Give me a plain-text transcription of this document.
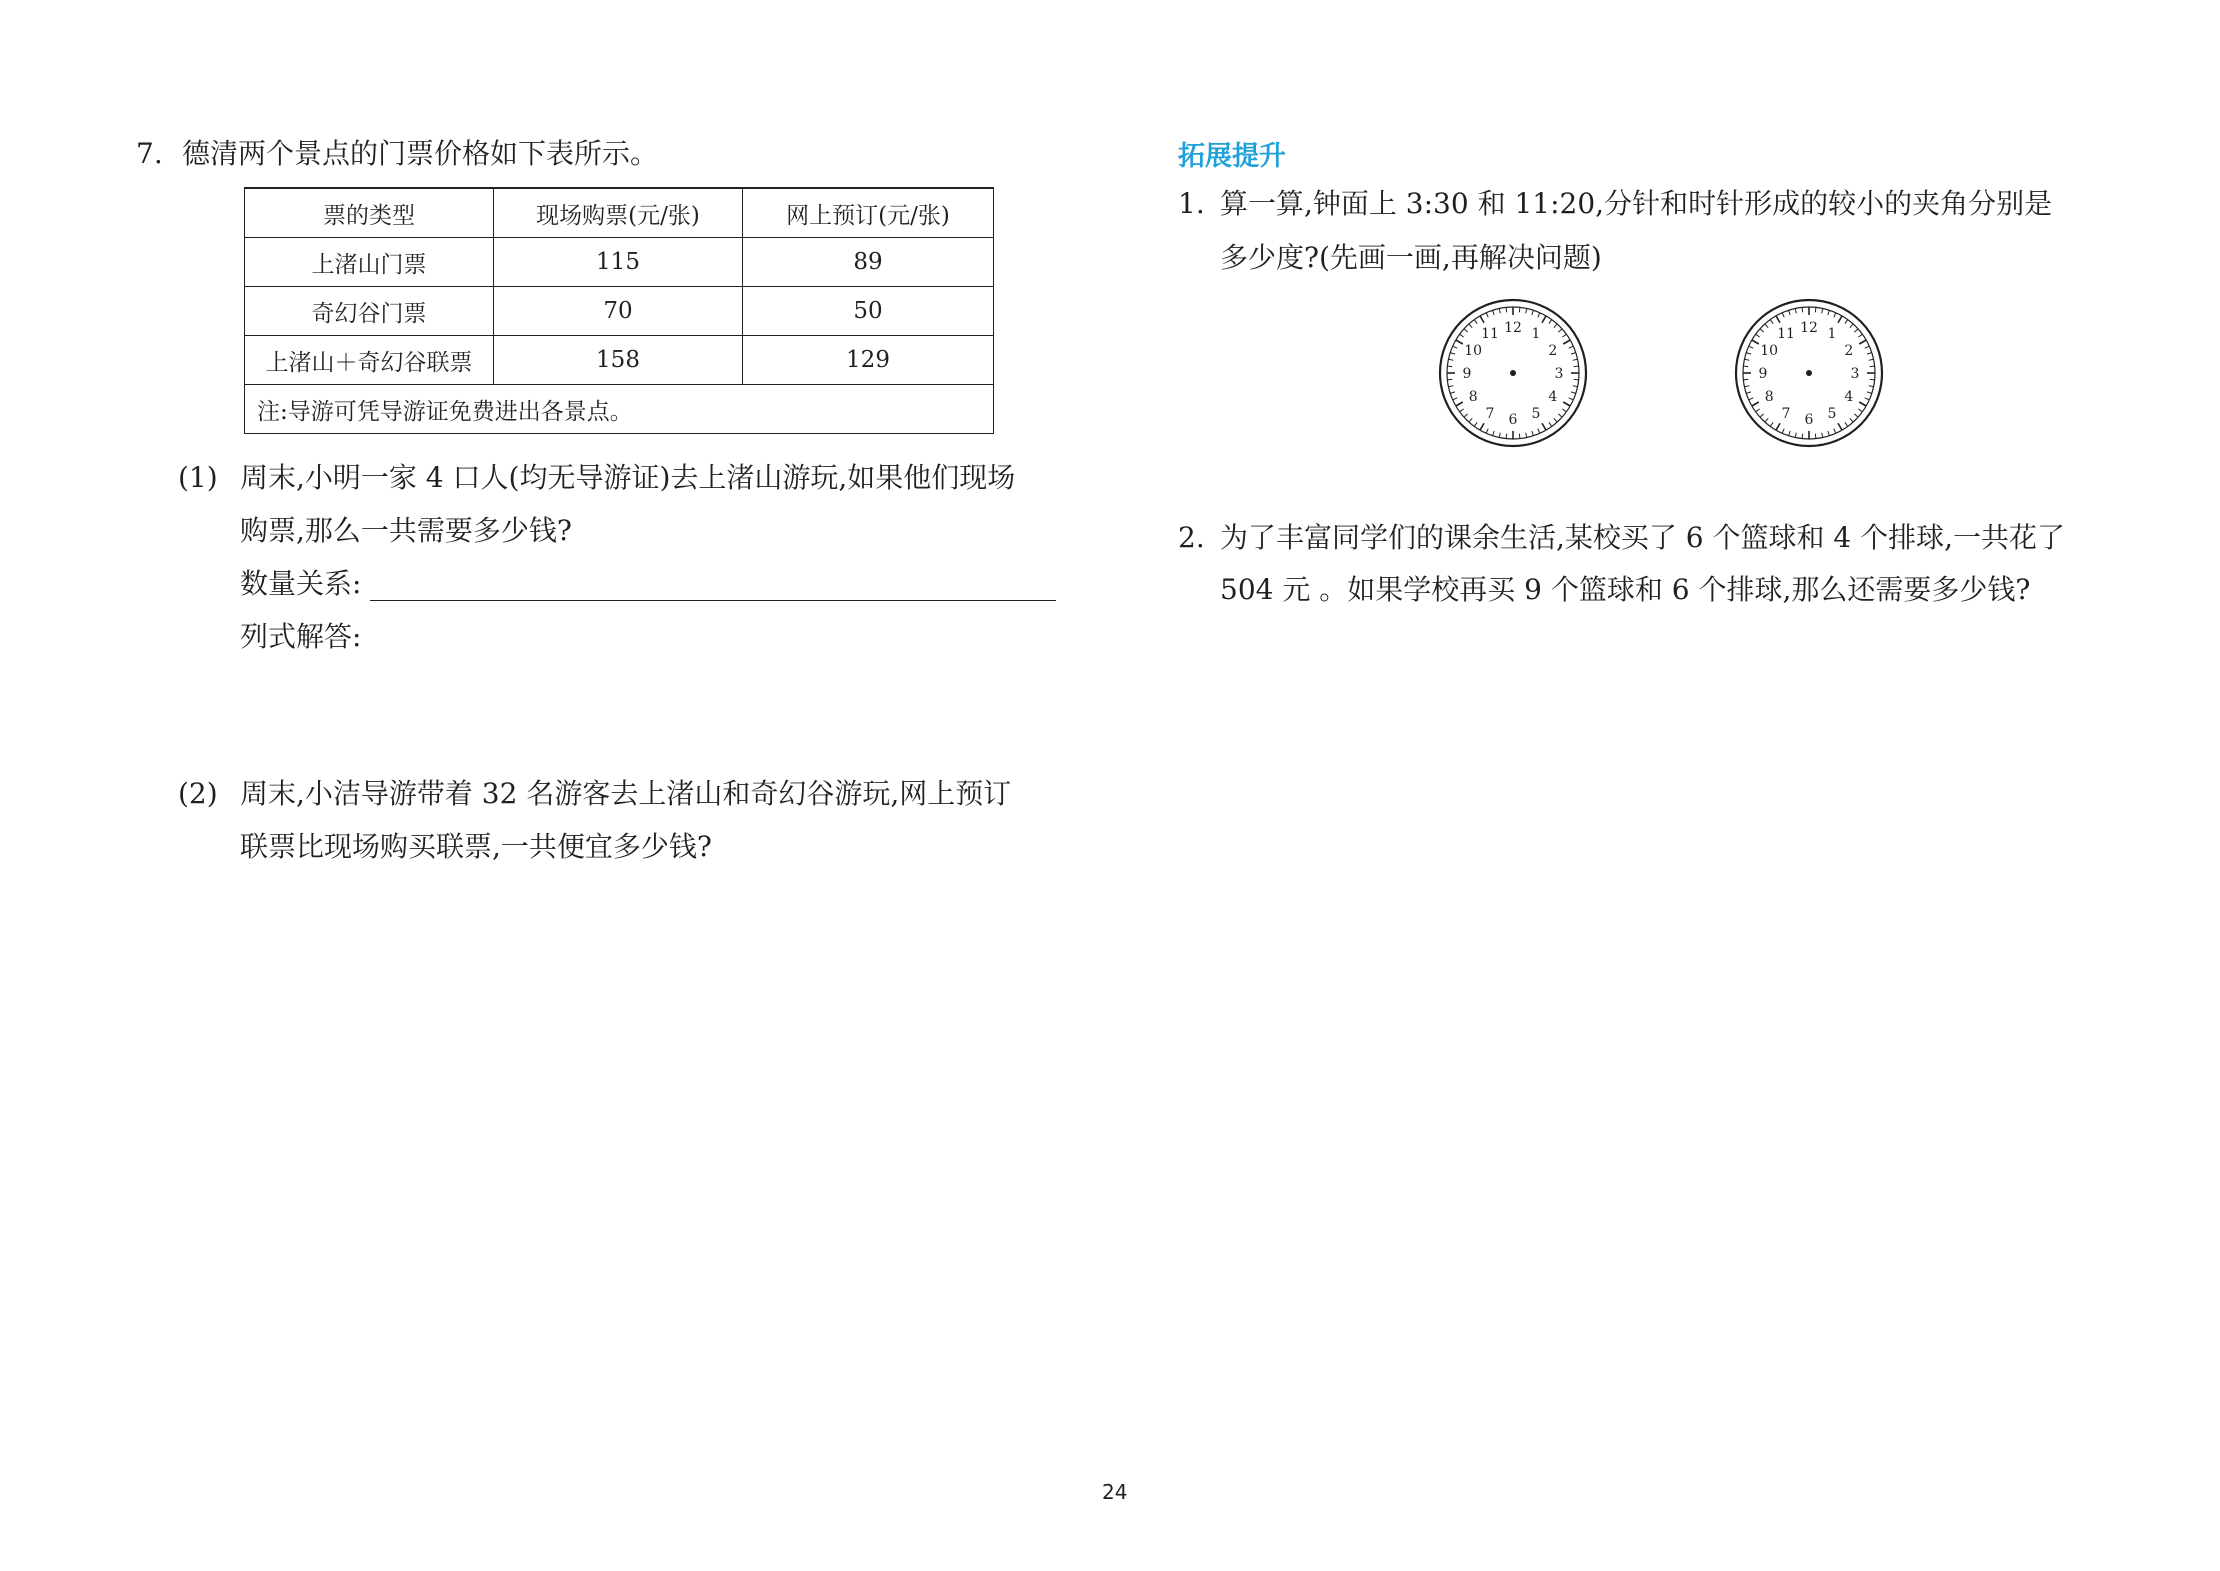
7. 德清两个景点的门票价格如下表所示。
票的类型	现场购票(元/张)	网上预订(元/张)
上渚山门票	115	89
奇幻谷门票	70	50
上渚山＋奇幻谷联票	158	129
注:导游可凭导游证免费进出各景点。		
(1) 周末,小明一家 4 口人(均无导游证)去上渚山游玩,如果他们现场
购票,那么一共需要多少钱?
数量关系:
列式解答:
(2) 周末,小洁导游带着 32 名游客去上渚山和奇幻谷游玩,网上预订
联票比现场购买联票,一共便宜多少钱?
拓展提升
1. 算一算,钟面上 3:30 和 11:20,分针和时针形成的较小的夹角分别是
多少度?(先画一画,再解决问题)
12 1
2
3
4
5
6
7
8
9
10
11	12 1
2
3
4
5
6
7
8
9
10
11
2. 为了丰富同学们的课余生活,某校买了 6 个篮球和 4 个排球,一共花了
504 元 。如果学校再买 9 个篮球和 6 个排球,那么还需要多少钱?
24
